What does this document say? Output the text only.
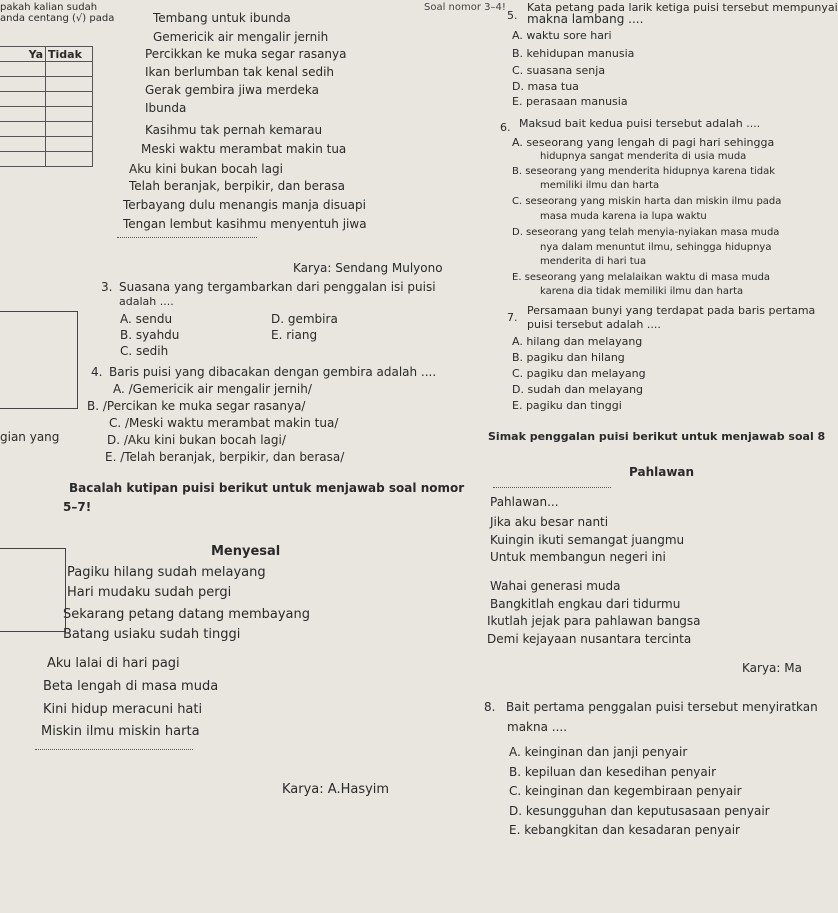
pakah kalian sudah
anda centang (√) pada
Ya	Tidak

gian yang
Tembang untuk ibunda
Gemericik air mengalir jernih
Percikkan ke muka segar rasanya
Ikan berlumban tak kenal sedih
Gerak gembira jiwa merdeka
Ibunda
Kasihmu tak pernah kemarau
Meski waktu merambat makin tua
Aku kini bukan bocah lagi
Telah beranjak, berpikir, dan berasa
Terbayang dulu menangis manja disuapi
Tengan lembut kasihmu menyentuh jiwa
Karya: Sendang Mulyono
3. Suasana yang tergambarkan dari penggalan isi puisi
adalah ....
A. sendu
B. syahdu
C. sedih
D. gembira
E. riang
4. Baris puisi yang dibacakan dengan gembira adalah ....
A. /Gemericik air mengalir jernih/
B. /Percikan ke muka segar rasanya/
C. /Meski waktu merambat makin tua/
D. /Aku kini bukan bocah lagi/
E. /Telah beranjak, berpikir, dan berasa/
Bacalah kutipan puisi berikut untuk menjawab soal nomor
5–7!
Menyesal
Pagiku hilang sudah melayang
Hari mudaku sudah pergi
Sekarang petang datang membayang
Batang usiaku sudah tinggi
Aku lalai di hari pagi
Beta lengah di masa muda
Kini hidup meracuni hati
Miskin ilmu miskin harta
Karya: A.Hasyim
Soal nomor 3–4!
5.
Kata petang pada larik ketiga puisi tersebut mempunyai
makna lambang ....
A. waktu sore hari
B. kehidupan manusia
C. suasana senja
D. masa tua
E. perasaan manusia
6. Maksud bait kedua puisi tersebut adalah ....
A. seseorang yang lengah di pagi hari sehingga
hidupnya sangat menderita di usia muda
B. seseorang yang menderita hidupnya karena tidak
memiliki ilmu dan harta
C. seseorang yang miskin harta dan miskin ilmu pada
masa muda karena ia lupa waktu
D. seseorang yang telah menyia-nyiakan masa muda
nya dalam menuntut ilmu, sehingga hidupnya
menderita di hari tua
E. seseorang yang melalaikan waktu di masa muda
karena dia tidak memiliki ilmu dan harta
7.
Persamaan bunyi yang terdapat pada baris pertama
puisi tersebut adalah ....
A. hilang dan melayang
B. pagiku dan hilang
C. pagiku dan melayang
D. sudah dan melayang
E. pagiku dan tinggi
Simak penggalan puisi berikut untuk menjawab soal 8
Pahlawan
Pahlawan...
Jika aku besar nanti
Kuingin ikuti semangat juangmu
Untuk membangun negeri ini
Wahai generasi muda
Bangkitlah engkau dari tidurmu
Ikutlah jejak para pahlawan bangsa
Demi kejayaan nusantara tercinta
Karya: Ma
8. Bait pertama penggalan puisi tersebut menyiratkan
makna ....
A. keinginan dan janji penyair
B. kepiluan dan kesedihan penyair
C. keinginan dan kegembiraan penyair
D. kesungguhan dan keputusasaan penyair
E. kebangkitan dan kesadaran penyair
